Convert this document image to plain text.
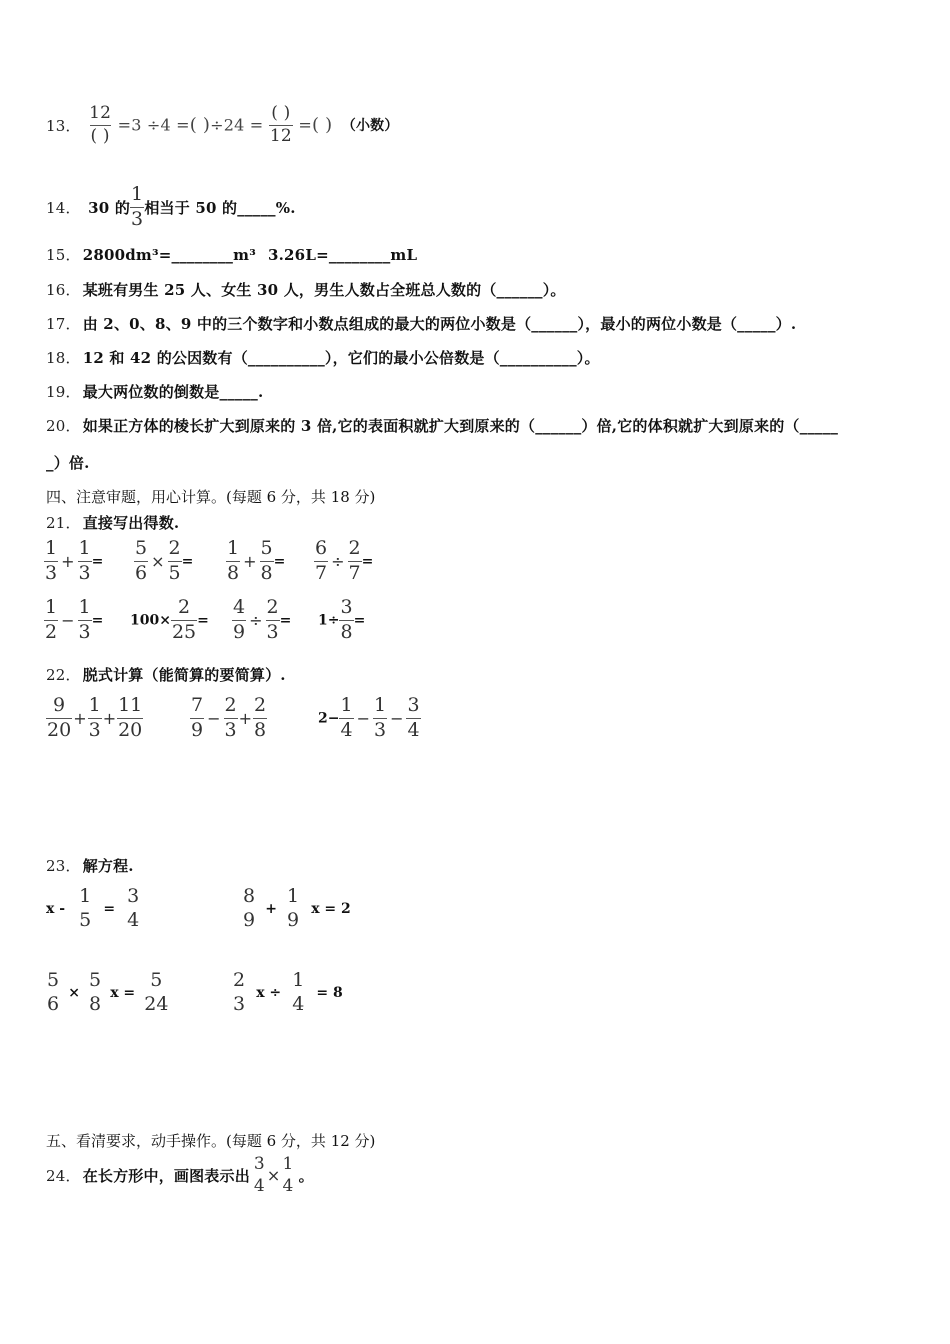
13． $\frac{12}{( )} =3 \div 4$ =( )$\div 24 = \frac{( )}{12}$ =( ) （小数）
14． 30 的 $\frac{1}{3}$ 相当于 50 的_____%.
15． 2800dm³=________m³ 3.26L=________mL
16． 某班有男生 25 人、女生 30 人，男生人数占全班总人数的（______）。
17． 由 2、0、8、9 中的三个数字和小数点组成的最大的两位小数是（______），最小的两位小数是（_____）.
18． 12 和 42 的公因数有（__________），它们的最小公倍数是（__________）。
19． 最大两位数的倒数是_____.
20． 如果正方体的棱长扩大到原来的 3 倍,它的表面积就扩大到原来的（______）倍,它的体积就扩大到原来的（_____
_）倍.
四、注意审题，用心计算。(每题 6 分，共 18 分)
21． 直接写出得数.
$\frac{1}{3} + \frac{1}{3} = \frac{5}{6} \times \frac{2}{5} = \frac{1}{8} + \frac{5}{8} = \frac{6}{7} \div \frac{2}{7}$ =
$\frac{1}{2} - \frac{1}{3} = 100\times \frac{2}{25} = \frac{4}{9} \div \frac{2}{3} = 1\div \frac{3}{8}$ =
22． 脱式计算（能简算的要简算）.
$\frac{9}{20} + \frac{1}{3} + \frac{11}{20} \frac{7}{9} - \frac{2}{3} + \frac{2}{8}$	$2- \frac{1}{4} - \frac{1}{3} - \frac{3}{4}$
23． 解方程.
x -
1
5 =
3
4
8
9 +
1
9 x = 2
5
6 ×
5
8 x =
5
24
2
3 x ÷
1
4 = 8
五、看清要求，动手操作。(每题 6 分，共 12 分)
24． 在长方形中，画图表示出
3
4 ×
1
4 。
